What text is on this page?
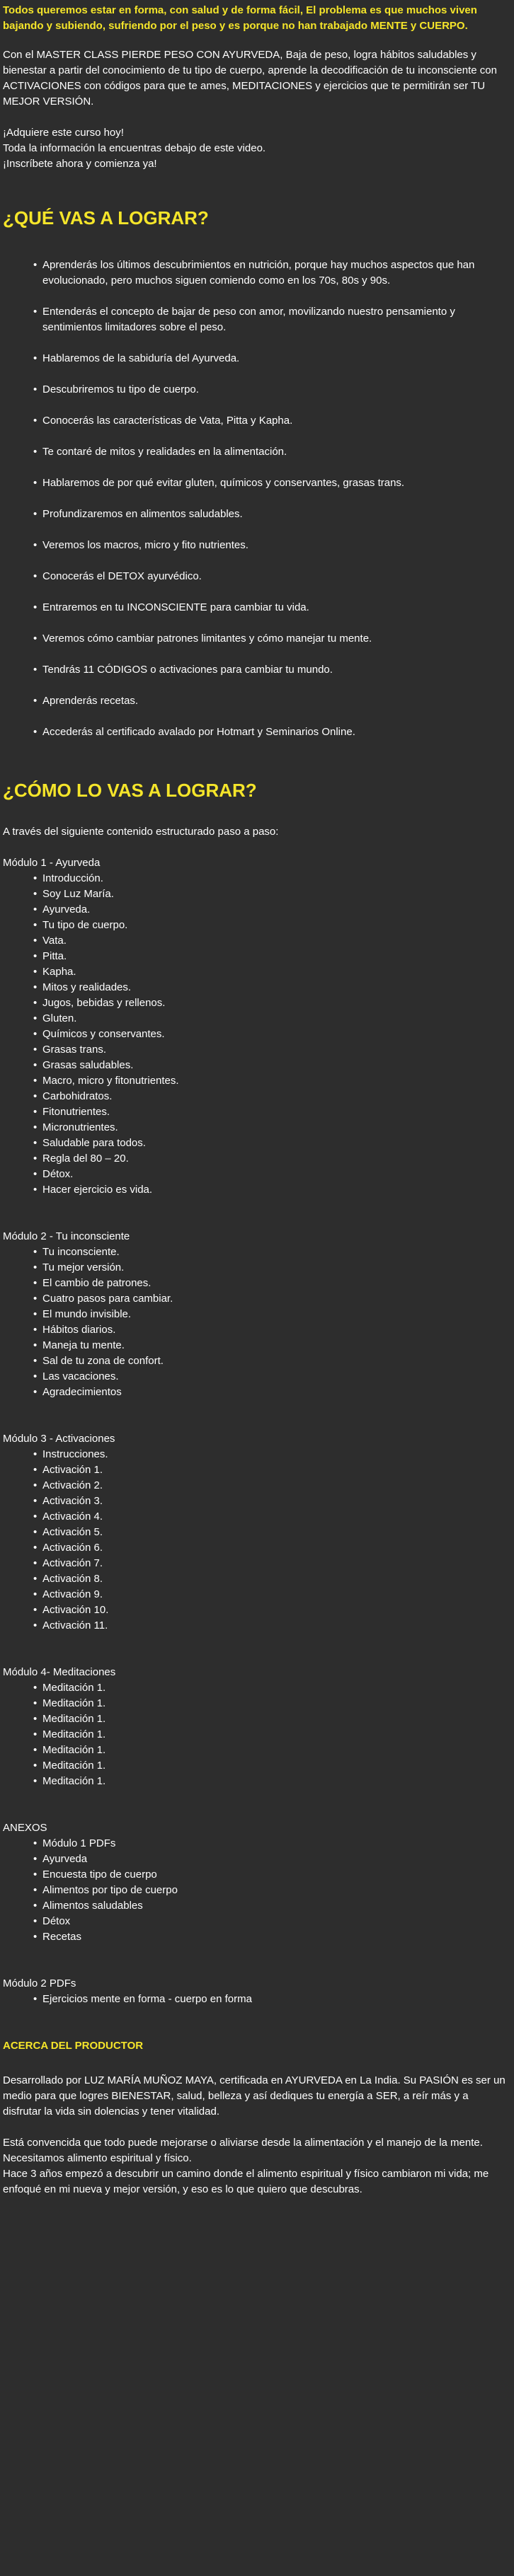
Todos queremos estar en forma, con salud y de forma fácil, El problema es que muchos viven bajando y subiendo, sufriendo por el peso y es porque no han trabajado MENTE y CUERPO.

Con el MASTER CLASS PIERDE PESO CON AYURVEDA, Baja de peso, logra hábitos saludables y bienestar a partir del conocimiento de tu tipo de cuerpo, aprende la decodificación de tu inconsciente con ACTIVACIONES con códigos para que te ames, MEDITACIONES y ejercicios que te permitirán ser TU MEJOR VERSIÓN.

¡Adquiere este curso hoy!
Toda la información la encuentras debajo de este video.
¡Inscríbete ahora y comienza ya!
¿QUÉ VAS A LOGRAR?
• Aprenderás los últimos descubrimientos en nutrición, porque hay muchos aspectos que han evolucionado, pero muchos siguen comiendo como en los 70s, 80s y 90s.
• Entenderás el concepto de bajar de peso con amor, movilizando nuestro pensamiento y sentimientos limitadores sobre el peso.
• Hablaremos de la sabiduría del Ayurveda.
• Descubriremos tu tipo de cuerpo.
• Conocerás las características de Vata, Pitta y Kapha.
• Te contaré de mitos y realidades en la alimentación.
• Hablaremos de por qué evitar gluten, químicos y conservantes, grasas trans.
• Profundizaremos en alimentos saludables.
• Veremos los macros, micro y fito nutrientes.
• Conocerás el DETOX ayurvédico.
• Entraremos en tu INCONSCIENTE para cambiar tu vida.
• Veremos cómo cambiar patrones limitantes y cómo manejar tu mente.
• Tendrás 11 CÓDIGOS o activaciones para cambiar tu mundo.
• Aprenderás recetas.
• Accederás al certificado avalado por Hotmart y Seminarios Online.
¿CÓMO LO VAS A LOGRAR?

A través del siguiente contenido estructurado paso a paso:

Módulo 1 - Ayurveda
• Introducción.
• Soy Luz María.
• Ayurveda.
• Tu tipo de cuerpo.
• Vata.
• Pitta.
• Kapha.
• Mitos y realidades.
• Jugos, bebidas y rellenos.
• Gluten.
• Químicos y conservantes.
• Grasas trans.
• Grasas saludables.
• Macro, micro y fitonutrientes.
• Carbohidratos.
• Fitonutrientes.
• Micronutrientes.
• Saludable para todos.
• Regla del 80 – 20.
• Détox.
• Hacer ejercicio es vida.
Módulo 2 - Tu inconsciente
• Tu inconsciente.
• Tu mejor versión.
• El cambio de patrones.
• Cuatro pasos para cambiar.
• El mundo invisible.
• Hábitos diarios.
• Maneja tu mente.
• Sal de tu zona de confort.
• Las vacaciones.
• Agradecimientos
Módulo 3 - Activaciones
• Instrucciones.
• Activación 1.
• Activación 2.
• Activación 3.
• Activación 4.
• Activación 5.
• Activación 6.
• Activación 7.
• Activación 8.
• Activación 9.
• Activación 10.
• Activación 11.
Módulo 4- Meditaciones
• Meditación 1.
• Meditación 1.
• Meditación 1.
• Meditación 1.
• Meditación 1.
• Meditación 1.
• Meditación 1.
ANEXOS
• Módulo 1 PDFs
• Ayurveda
• Encuesta tipo de cuerpo
• Alimentos por tipo de cuerpo
• Alimentos saludables
• Détox
• Recetas
Módulo 2 PDFs
• Ejercicios mente en forma - cuerpo en forma
ACERCA DEL PRODUCTOR

Desarrollado por LUZ MARÍA MUÑOZ MAYA, certificada en AYURVEDA en La India. Su PASIÓN es ser un medio para que logres BIENESTAR, salud, belleza y así dediques tu energía a SER, a reír más y a disfrutar la vida sin dolencias y tener vitalidad.

Está convencida que todo puede mejorarse o aliviarse desde la alimentación y el manejo de la mente. Necesitamos alimento espiritual y físico.
Hace 3 años empezó a descubrir un camino donde el alimento espiritual y físico cambiaron mi vida; me enfoqué en mi nueva y mejor versión, y eso es lo que quiero que descubras.
